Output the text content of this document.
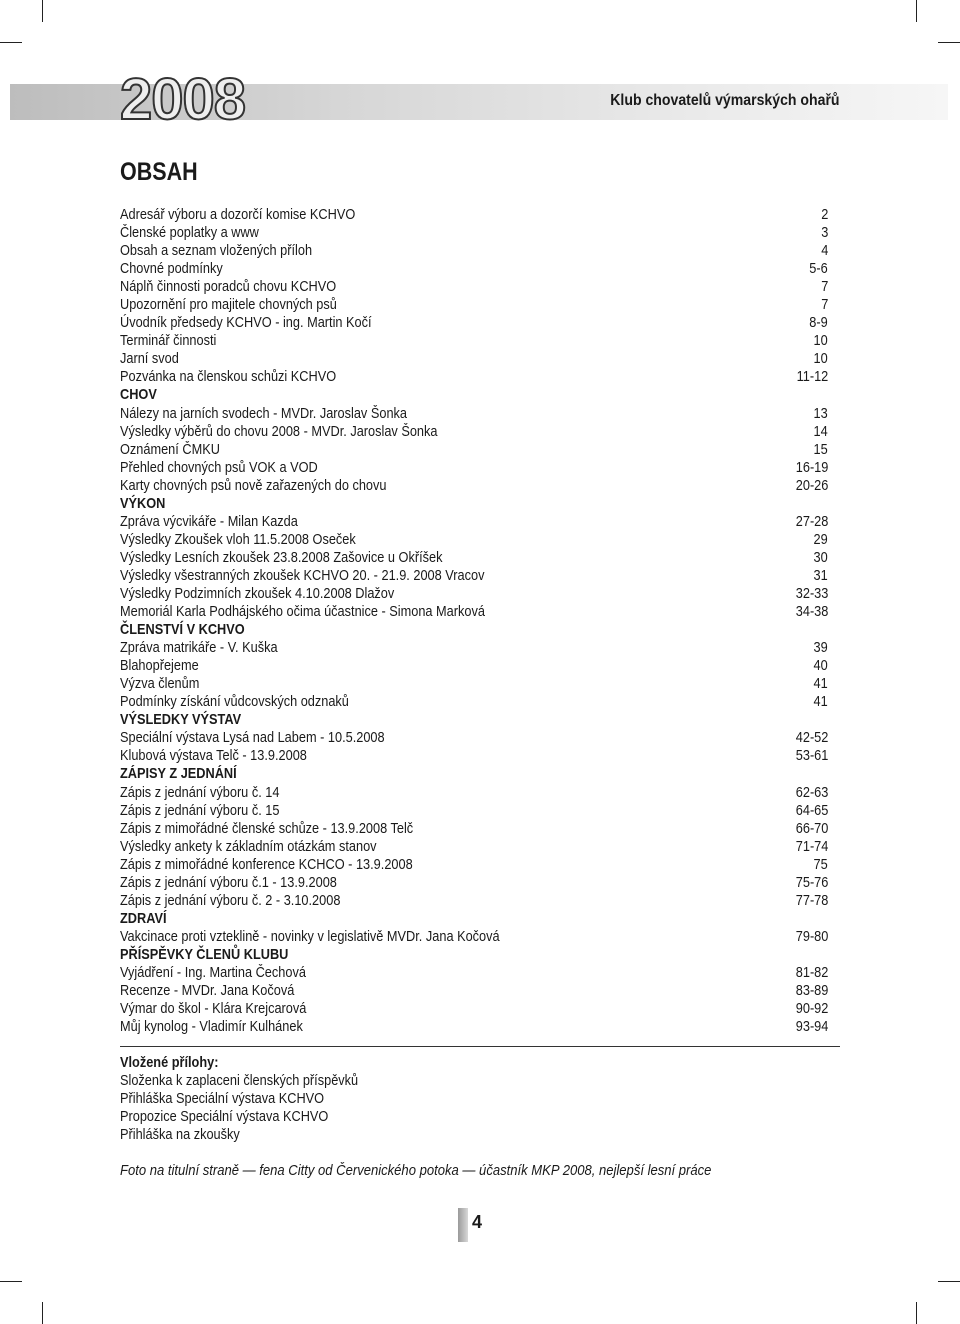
2008	Klub chovatelů výmarských ohařů
OBSAH
Adresář výboru a dozorčí komise KCHVO	2
Členské poplatky a www	3
Obsah a seznam vložených příloh	4
Chovné podmínky	5-6
Náplň činnosti poradců chovu KCHVO	7
Upozornění pro majitele chovných psů	7
Úvodník předsedy KCHVO - ing. Martin Kočí	8-9
Terminář činnosti	10
Jarní svod	10
Pozvánka na členskou schůzi KCHVO	11-12
CHOV
Nálezy na jarních svodech - MVDr. Jaroslav Šonka	13
Výsledky výběrů do chovu 2008 - MVDr. Jaroslav Šonka	14
Oznámení ČMKU	15
Přehled chovných psů VOK a VOD	16-19
Karty chovných psů nově zařazených do chovu	20-26
VÝKON
Zpráva výcvikáře - Milan Kazda	27-28
Výsledky Zkoušek vloh 11.5.2008 Oseček	29
Výsledky Lesních zkoušek 23.8.2008 Zašovice u Okříšek	30
Výsledky všestranných zkoušek KCHVO 20. - 21.9. 2008 Vracov	31
Výsledky Podzimních zkoušek 4.10.2008 Dlažov	32-33
Memoriál Karla Podhájského očima účastnice - Simona Marková	34-38
ČLENSTVÍ V KCHVO
Zpráva matrikáře - V. Kuška	39
Blahopřejeme	40
Výzva členům	41
Podmínky získání vůdcovských odznaků	41
VÝSLEDKY VÝSTAV
Speciální výstava Lysá nad Labem - 10.5.2008	42-52
Klubová výstava Telč - 13.9.2008	53-61
ZÁPISY Z JEDNÁNÍ
Zápis z jednání výboru č. 14	62-63
Zápis z jednání výboru č. 15	64-65
Zápis z mimořádné členské schůze - 13.9.2008 Telč	66-70
Výsledky ankety k základním otázkám stanov	71-74
Zápis z mimořádné konference KCHCO - 13.9.2008	75
Zápis z jednání výboru č.1 - 13.9.2008	75-76
Zápis z jednání výboru č. 2 - 3.10.2008	77-78
ZDRAVÍ
Vakcinace proti vzteklině - novinky v legislativě MVDr. Jana Kočová	79-80
PŘÍSPĚVKY ČLENŮ KLUBU
Vyjádření - Ing. Martina Čechová	81-82
Recenze - MVDr. Jana Kočová	83-89
Výmar do škol - Klára Krejcarová	90-92
Můj kynolog - Vladimír Kulhánek	93-94
Vložené přílohy:
Složenka k zaplaceni členských příspěvků
Přihláška Speciální výstava KCHVO
Propozice Speciální výstava KCHVO
Přihláška na zkoušky
Foto na titulní straně — fena Citty od Červenického potoka — účastník MKP 2008, nejlepší lesní práce
4
